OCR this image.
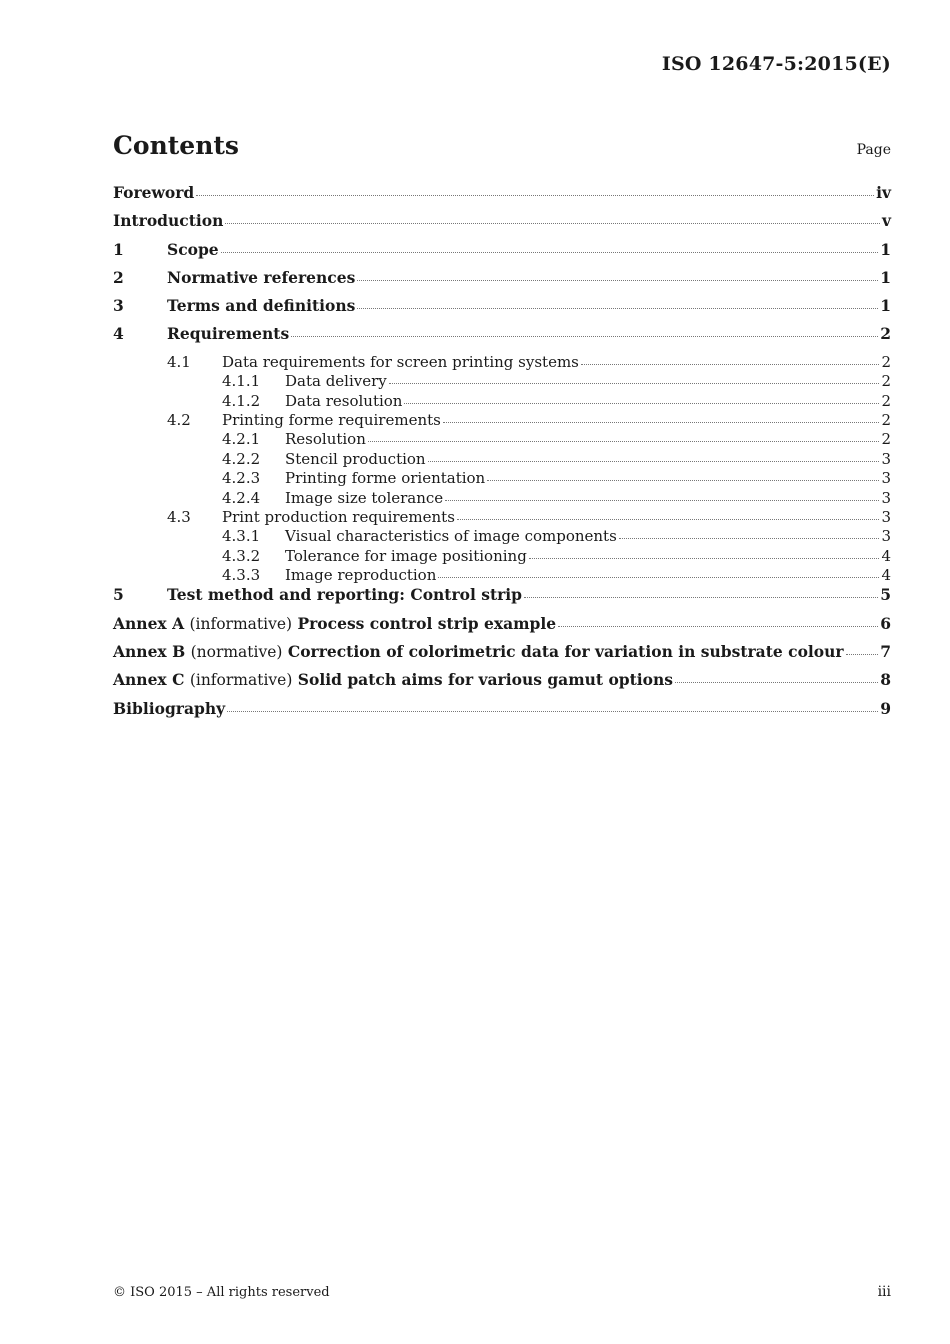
ISO 12647-5:2015(E)
Contents	Page
Foreword	iv
Introduction	v
1	Scope	1
2	Normative references	1
3	Terms and definitions	1
4	Requirements	2
4.1	Data requirements for screen printing systems	2
4.1.1	Data delivery	2
4.1.2	Data resolution	2
4.2	Printing forme requirements	2
4.2.1	Resolution	2
4.2.2	Stencil production	3
4.2.3	Printing forme orientation	3
4.2.4	Image size tolerance	3
4.3	Print production requirements	3
4.3.1	Visual characteristics of image components	3
4.3.2	Tolerance for image positioning	4
4.3.3	Image reproduction	4
5	Test method and reporting: Control strip	5
Annex A (informative) Process control strip example	6
Annex B (normative) Correction of colorimetric data for variation in substrate colour 7
Annex C (informative) Solid patch aims for various gamut options	8
Bibliography	9
© ISO 2015 – All rights reserved	iii
